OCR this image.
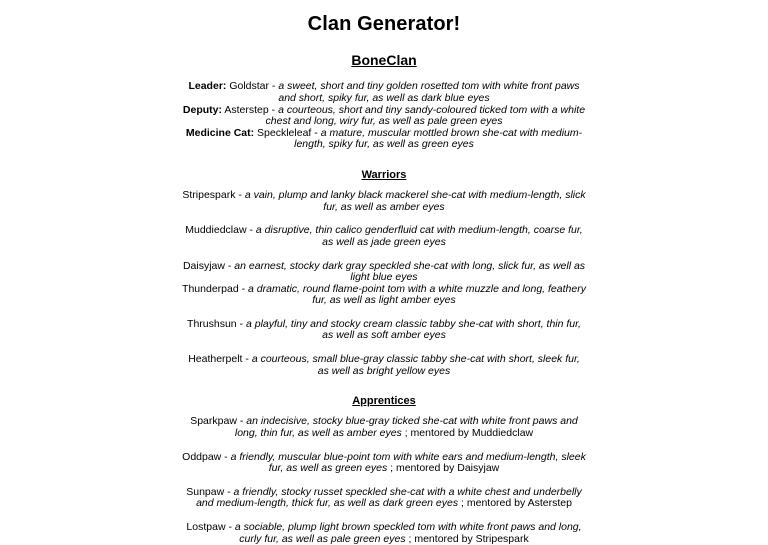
Clan Generator!
BoneClan

Leader: Goldstar - a sweet, short and tiny golden rosetted tom with white front paws and short, spiky fur, as well as dark blue eyes

Deputy: Asterstep - a courteous, short and tiny sandy-coloured ticked tom with a white chest and long, wiry fur, as well as pale green eyes

Medicine Cat: Speckleleaf - a mature, muscular mottled brown she-cat with medium-length, spiky fur, as well as green eyes

Warriors

Stripespark - a vain, plump and lanky black mackerel she-cat with medium-length, slick fur, as well as amber eyes

Muddiedclaw - a disruptive, thin calico genderfluid cat with medium-length, coarse fur, as well as jade green eyes

Daisyjaw - an earnest, stocky dark gray speckled she-cat with long, slick fur, as well as light blue eyes

Thunderpad - a dramatic, round flame-point tom with a white muzzle and long, feathery fur, as well as light amber eyes

Thrushsun - a playful, tiny and stocky cream classic tabby she-cat with short, thin fur, as well as soft amber eyes

Heatherpelt - a courteous, small blue-gray classic tabby she-cat with short, sleek fur, as well as bright yellow eyes

Apprentices

Sparkpaw - an indecisive, stocky blue-gray ticked she-cat with white front paws and long, thin fur, as well as amber eyes ; mentored by Muddiedclaw

Oddpaw - a friendly, muscular blue-point tom with white ears and medium-length, sleek fur, as well as green eyes ; mentored by Daisyjaw

Sunpaw - a friendly, stocky russet speckled she-cat with a white chest and underbelly and medium-length, thick fur, as well as dark green eyes ; mentored by Asterstep

Lostpaw - a sociable, plump light brown speckled tom with white front paws and long, curly fur, as well as pale green eyes ; mentored by Stripespark
